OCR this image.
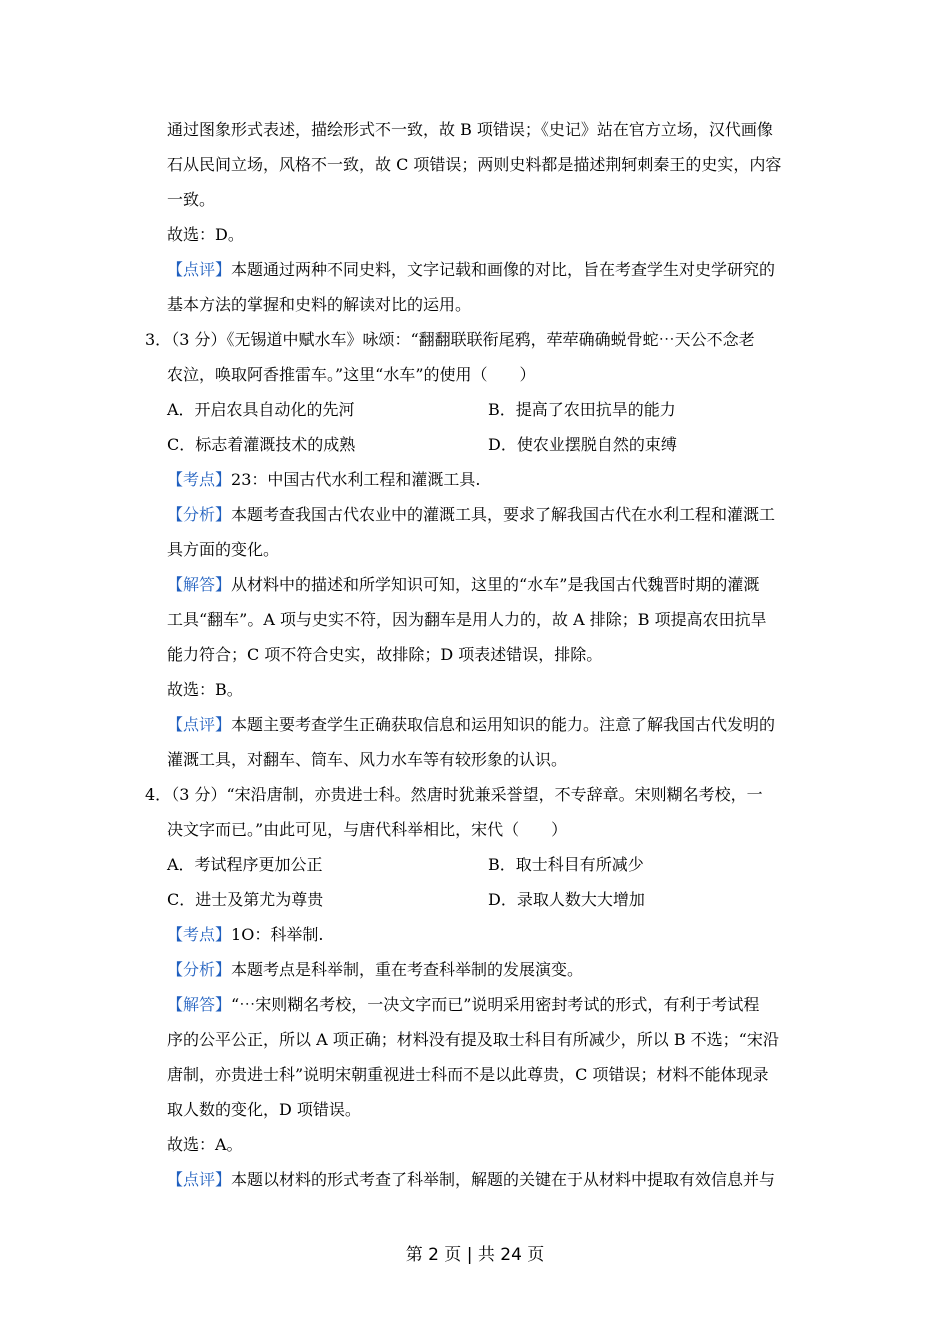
通过图象形式表述，描绘形式不一致，故 B 项错误；《史记》站在官方立场，汉代画像

石从民间立场，风格不一致，故 C 项错误；两则史料都是描述荆轲刺秦王的史实，内容

一致。

故选：D。

【点评】本题通过两种不同史料，文字记载和画像的对比，旨在考查学生对史学研究的

基本方法的掌握和史料的解读对比的运用。

3．（3 分）《无锡道中赋水车》咏颂：“翻翻联联衔尾鸦，荦荦确确蜕骨蛇⋯天公不念老

农泣，唤取阿香推雷车。”这里“水车”的使用（　　）

A．开启农具自动化的先河	B．提高了农田抗旱的能力
C．标志着灌溉技术的成熟	D．使农业摆脱自然的束缚

【考点】23：中国古代水利工程和灌溉工具.

【分析】本题考查我国古代农业中的灌溉工具，要求了解我国古代在水利工程和灌溉工

具方面的变化。

【解答】从材料中的描述和所学知识可知，这里的“水车”是我国古代魏晋时期的灌溉

工具“翻车”。A 项与史实不符，因为翻车是用人力的，故 A 排除；B 项提高农田抗旱

能力符合；C 项不符合史实，故排除；D 项表述错误，排除。

故选：B。

【点评】本题主要考查学生正确获取信息和运用知识的能力。注意了解我国古代发明的

灌溉工具，对翻车、筒车、风力水车等有较形象的认识。

4．（3 分）“宋沿唐制，亦贵进士科。然唐时犹兼采誉望，不专辞章。宋则糊名考校，一

决文字而已。”由此可见，与唐代科举相比，宋代（　　）

A．考试程序更加公正	B．取士科目有所减少
C．进士及第尤为尊贵	D．录取人数大大增加

【考点】1O：科举制.

【分析】本题考点是科举制，重在考查科举制的发展演变。

【解答】“⋯宋则糊名考校，一决文字而已”说明采用密封考试的形式，有利于考试程

序的公平公正，所以 A 项正确；材料没有提及取士科目有所减少，所以 B 不选；“宋沿

唐制，亦贵进士科”说明宋朝重视进士科而不是以此尊贵，C 项错误；材料不能体现录

取人数的变化，D 项错误。

故选：A。

【点评】本题以材料的形式考查了科举制，解题的关键在于从材料中提取有效信息并与

第 2 页 | 共 24 页
